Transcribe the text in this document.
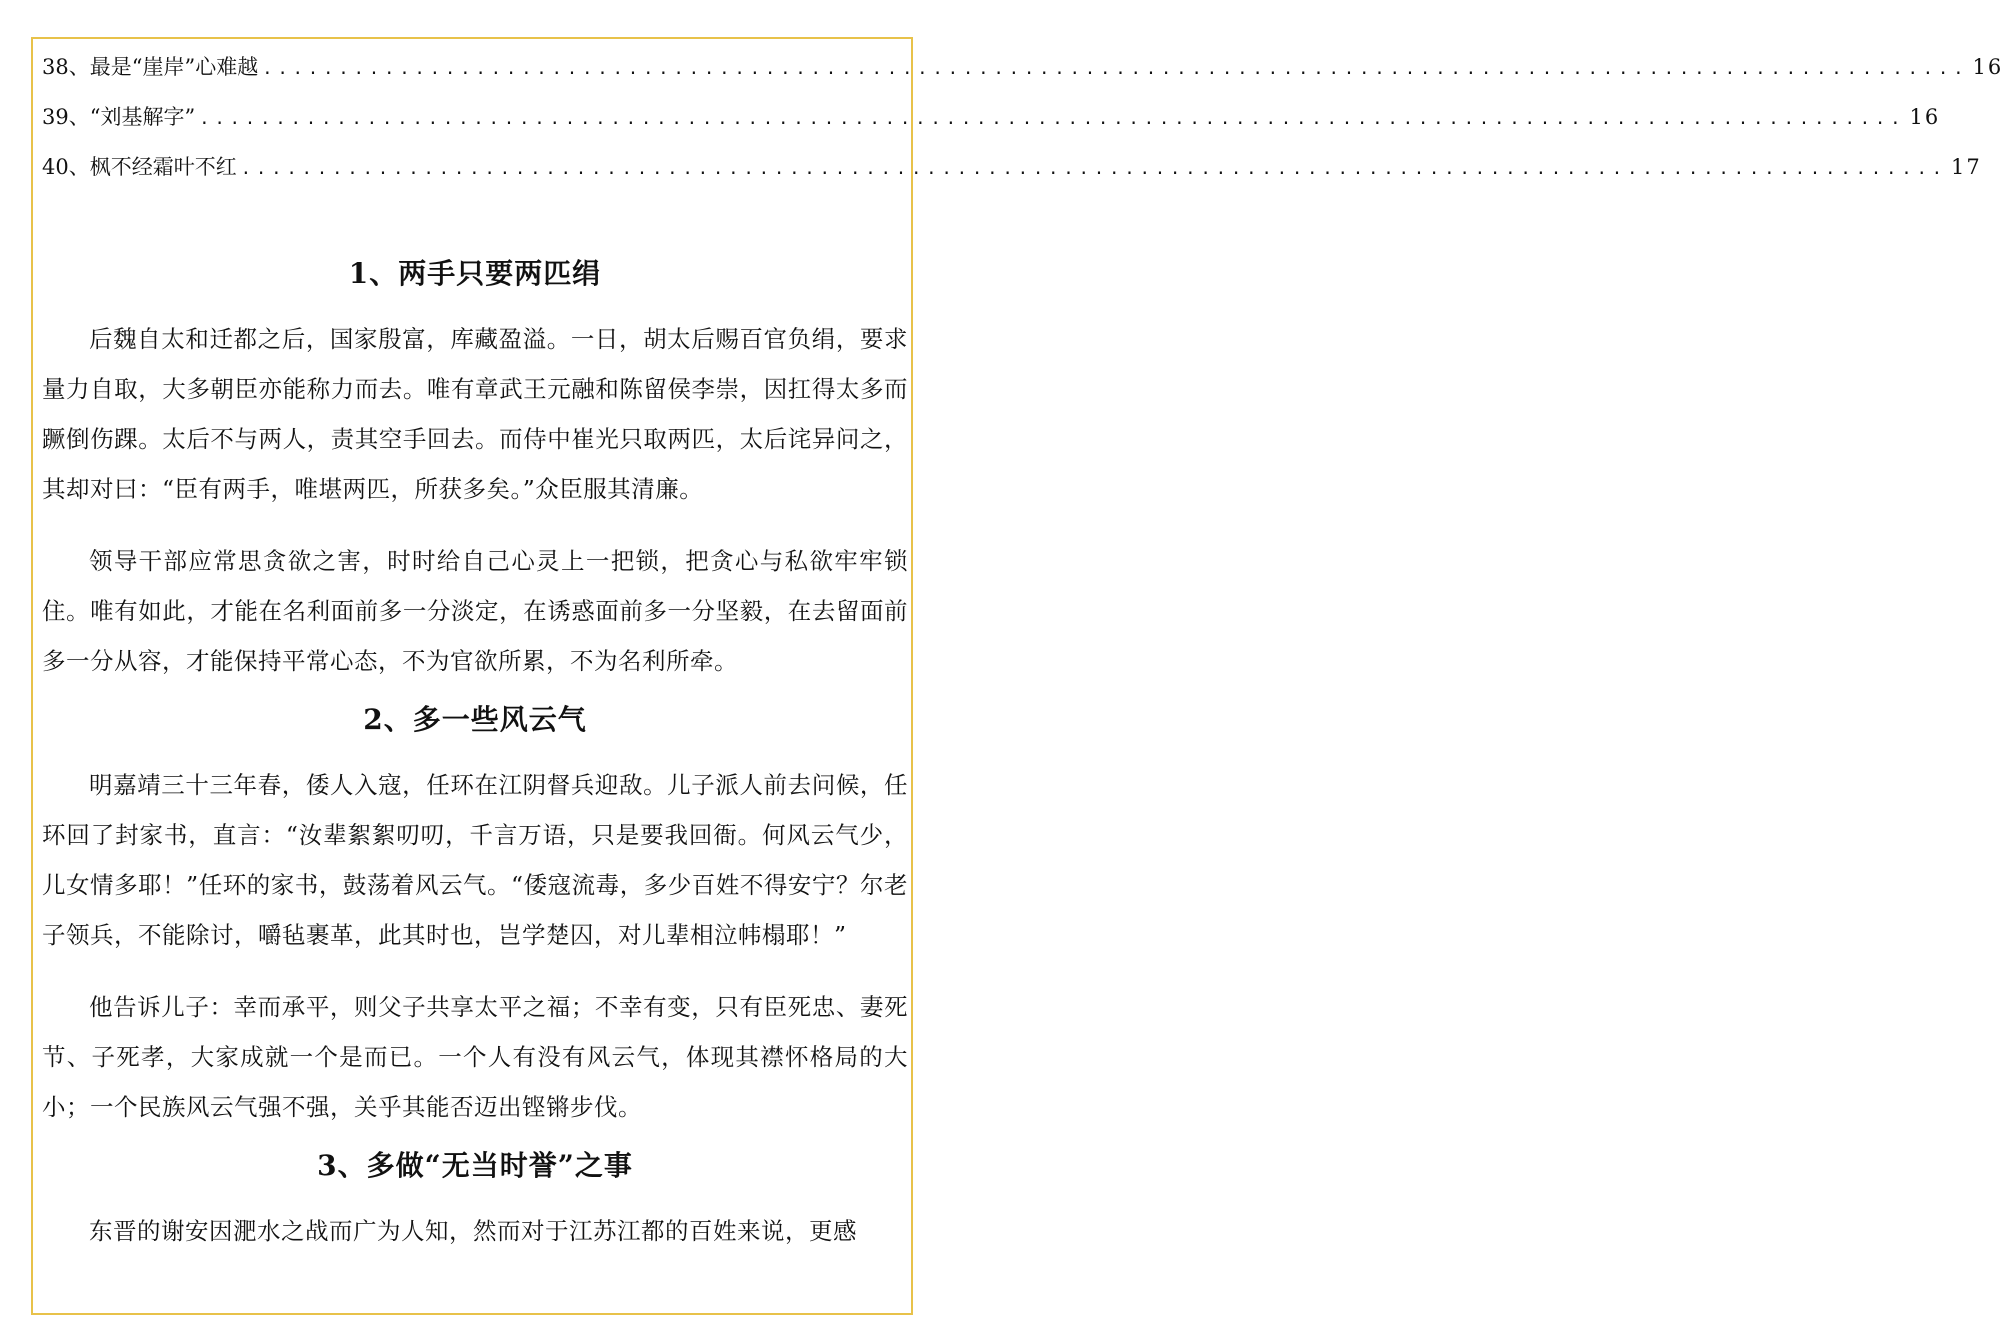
38、最是“崖岸”心难越 ................................................................................................................ 16
39、“刘基解字” ................................................................................................................ 16
40、枫不经霜叶不红 ................................................................................................................ 17
1、两手只要两匹绢

后魏自太和迁都之后，国家殷富，库藏盈溢。一日，胡太后赐百官负绢，要求量力自取，大多朝臣亦能称力而去。唯有章武王元融和陈留侯李崇，因扛得太多而蹶倒伤踝。太后不与两人，责其空手回去。而侍中崔光只取两匹，太后诧异问之，其却对曰：“臣有两手，唯堪两匹，所获多矣。”众臣服其清廉。

领导干部应常思贪欲之害，时时给自己心灵上一把锁，把贪心与私欲牢牢锁住。唯有如此，才能在名利面前多一分淡定，在诱惑面前多一分坚毅，在去留面前多一分从容，才能保持平常心态，不为官欲所累，不为名利所牵。

2、多一些风云气

明嘉靖三十三年春，倭人入寇，任环在江阴督兵迎敌。儿子派人前去问候，任环回了封家书，直言：“汝辈絮絮叨叨，千言万语，只是要我回衙。何风云气少，儿女情多耶！”任环的家书，鼓荡着风云气。“倭寇流毒，多少百姓不得安宁？尔老子领兵，不能除讨，嚼毡裹革，此其时也，岂学楚囚，对儿辈相泣帏榻耶！”

他告诉儿子：幸而承平，则父子共享太平之福；不幸有变，只有臣死忠、妻死节、子死孝，大家成就一个是而已。一个人有没有风云气，体现其襟怀格局的大小；一个民族风云气强不强，关乎其能否迈出铿锵步伐。

3、多做“无当时誉”之事

东晋的谢安因淝水之战而广为人知，然而对于江苏江都的百姓来说，更感
